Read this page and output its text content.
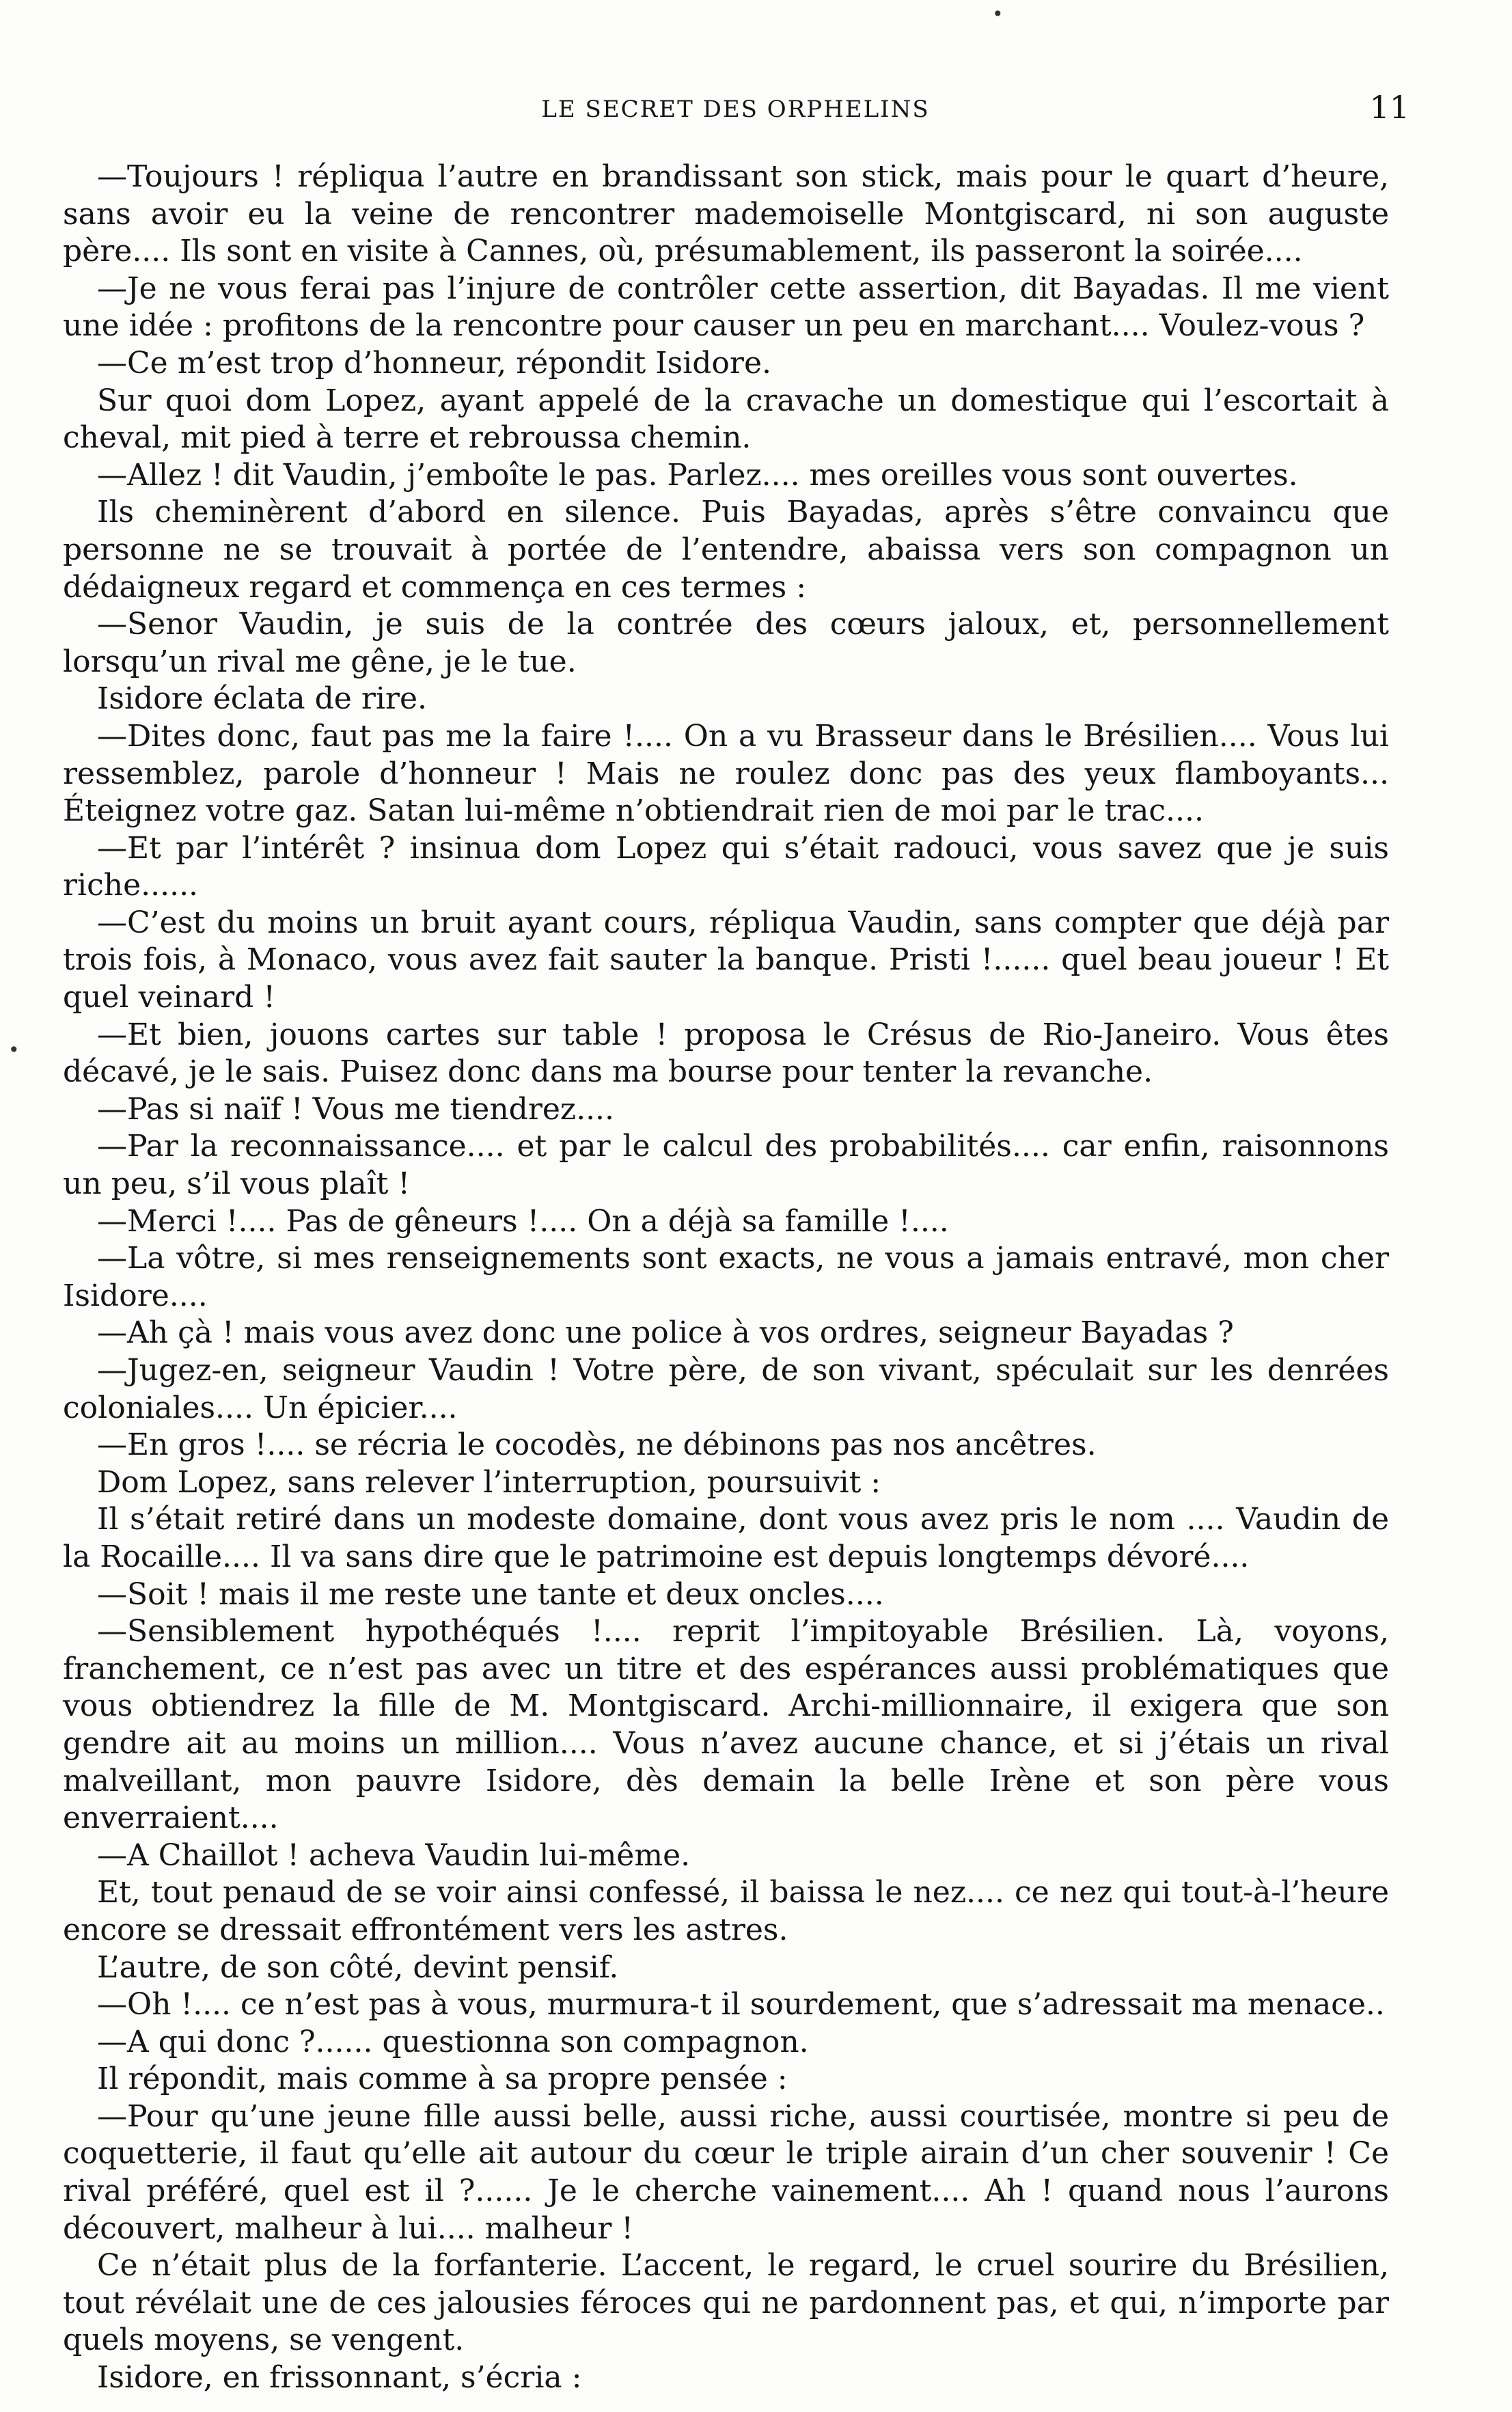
•
•
LE SECRET DES ORPHELINS	11

—Toujours ! répliqua l’autre en brandissant son stick, mais pour le quart d’heure, sans avoir eu la veine de rencontrer mademoiselle Montgiscard, ni son auguste père.... Ils sont en visite à Cannes, où, présumablement, ils passeront la soirée....

—Je ne vous ferai pas l’injure de contrôler cette assertion, dit Bayadas. Il me vient une idée : profitons de la rencontre pour causer un peu en marchant.... Voulez-vous ?

—Ce m’est trop d’honneur, répondit Isidore.

Sur quoi dom Lopez, ayant appelé de la cravache un domestique qui l’escortait à cheval, mit pied à terre et rebroussa chemin.

—Allez ! dit Vaudin, j’emboîte le pas. Parlez.... mes oreilles vous sont ouvertes.

Ils cheminèrent d’abord en silence. Puis Bayadas, après s’être convaincu que personne ne se trouvait à portée de l’entendre, abaissa vers son compagnon un dédaigneux regard et commença en ces termes :

—Senor Vaudin, je suis de la contrée des cœurs jaloux, et, personnellement lorsqu’un rival me gêne, je le tue.

Isidore éclata de rire.

—Dites donc, faut pas me la faire !.... On a vu Brasseur dans le Brésilien.... Vous lui ressemblez, parole d’honneur ! Mais ne roulez donc pas des yeux flamboyants... Éteignez votre gaz. Satan lui-même n’obtiendrait rien de moi par le trac....

—Et par l’intérêt ? insinua dom Lopez qui s’était radouci, vous savez que je suis riche......

—C’est du moins un bruit ayant cours, répliqua Vaudin, sans compter que déjà par trois fois, à Monaco, vous avez fait sauter la banque. Pristi !...... quel beau joueur ! Et quel veinard !

—Et bien, jouons cartes sur table ! proposa le Crésus de Rio-Janeiro. Vous êtes décavé, je le sais. Puisez donc dans ma bourse pour tenter la revanche.

—Pas si naïf ! Vous me tiendrez....

—Par la reconnaissance.... et par le calcul des probabilités.... car enfin, raisonnons un peu, s’il vous plaît !

—Merci !.... Pas de gêneurs !.... On a déjà sa famille !....

—La vôtre, si mes renseignements sont exacts, ne vous a jamais entravé, mon cher Isidore....

—Ah çà ! mais vous avez donc une police à vos ordres, seigneur Bayadas ?

—Jugez-en, seigneur Vaudin ! Votre père, de son vivant, spéculait sur les denrées coloniales.... Un épicier....

—En gros !.... se récria le cocodès, ne débinons pas nos ancêtres.

Dom Lopez, sans relever l’interruption, poursuivit :

Il s’était retiré dans un modeste domaine, dont vous avez pris le nom .... Vaudin de la Rocaille.... Il va sans dire que le patrimoine est depuis longtemps dévoré....

—Soit ! mais il me reste une tante et deux oncles....

—Sensiblement hypothéqués !.... reprit l’impitoyable Brésilien. Là, voyons, franchement, ce n’est pas avec un titre et des espérances aussi problématiques que vous obtiendrez la fille de M. Montgiscard. Archi-millionnaire, il exigera que son gendre ait au moins un million.... Vous n’avez aucune chance, et si j’étais un rival malveillant, mon pauvre Isidore, dès demain la belle Irène et son père vous enverraient....

—A Chaillot ! acheva Vaudin lui-même.

Et, tout penaud de se voir ainsi confessé, il baissa le nez.... ce nez qui tout-à-l’heure encore se dressait effrontément vers les astres.

L’autre, de son côté, devint pensif.

—Oh !.... ce n’est pas à vous, murmura-t il sourdement, que s’adressait ma menace..

—A qui donc ?...... questionna son compagnon.

Il répondit, mais comme à sa propre pensée :

—Pour qu’une jeune fille aussi belle, aussi riche, aussi courtisée, montre si peu de coquetterie, il faut qu’elle ait autour du cœur le triple airain d’un cher souvenir ! Ce rival préféré, quel est il ?...... Je le cherche vainement.... Ah ! quand nous l’aurons découvert, malheur à lui.... malheur !

Ce n’était plus de la forfanterie. L’accent, le regard, le cruel sourire du Brésilien, tout révélait une de ces jalousies féroces qui ne pardonnent pas, et qui, n’importe par quels moyens, se vengent.

Isidore, en frissonnant, s’écria :
